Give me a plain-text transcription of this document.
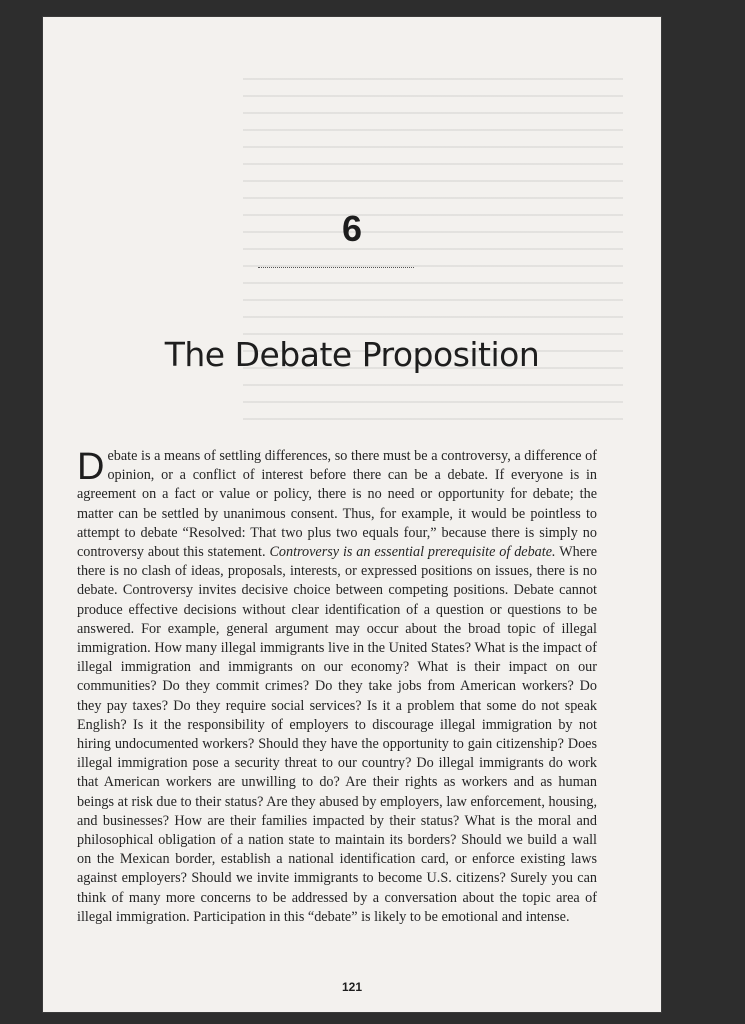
6
The Debate Proposition

Debate is a means of settling differences, so there must be a controversy, a difference of opinion, or a conflict of interest before there can be a debate. If everyone is in agreement on a fact or value or policy, there is no need or opportunity for debate; the matter can be settled by unanimous consent. Thus, for example, it would be pointless to attempt to debate “Resolved: That two plus two equals four,” because there is simply no controversy about this statement. Controversy is an essential prerequisite of debate. Where there is no clash of ideas, proposals, interests, or expressed positions on issues, there is no debate. Controversy invites decisive choice between competing positions. Debate cannot produce effective decisions without clear identification of a question or questions to be answered. For example, general argument may occur about the broad topic of illegal immigration. How many illegal immigrants live in the United States? What is the impact of illegal immigration and immigrants on our economy? What is their impact on our communities? Do they commit crimes? Do they take jobs from American workers? Do they pay taxes? Do they require social services? Is it a problem that some do not speak English? Is it the responsibility of employers to discourage illegal immigration by not hiring undocumented workers? Should they have the opportunity to gain citizenship? Does illegal immigration pose a security threat to our country? Do illegal immigrants do work that American workers are unwilling to do? Are their rights as workers and as human beings at risk due to their status? Are they abused by employers, law enforcement, housing, and businesses? How are their families impacted by their status? What is the moral and philosophical obligation of a nation state to maintain its borders? Should we build a wall on the Mexican border, establish a national identification card, or enforce existing laws against employers? Should we invite immigrants to become U.S. citizens? Surely you can think of many more concerns to be addressed by a conversation about the topic area of illegal immigration. Participation in this “debate” is likely to be emotional and intense.

121
